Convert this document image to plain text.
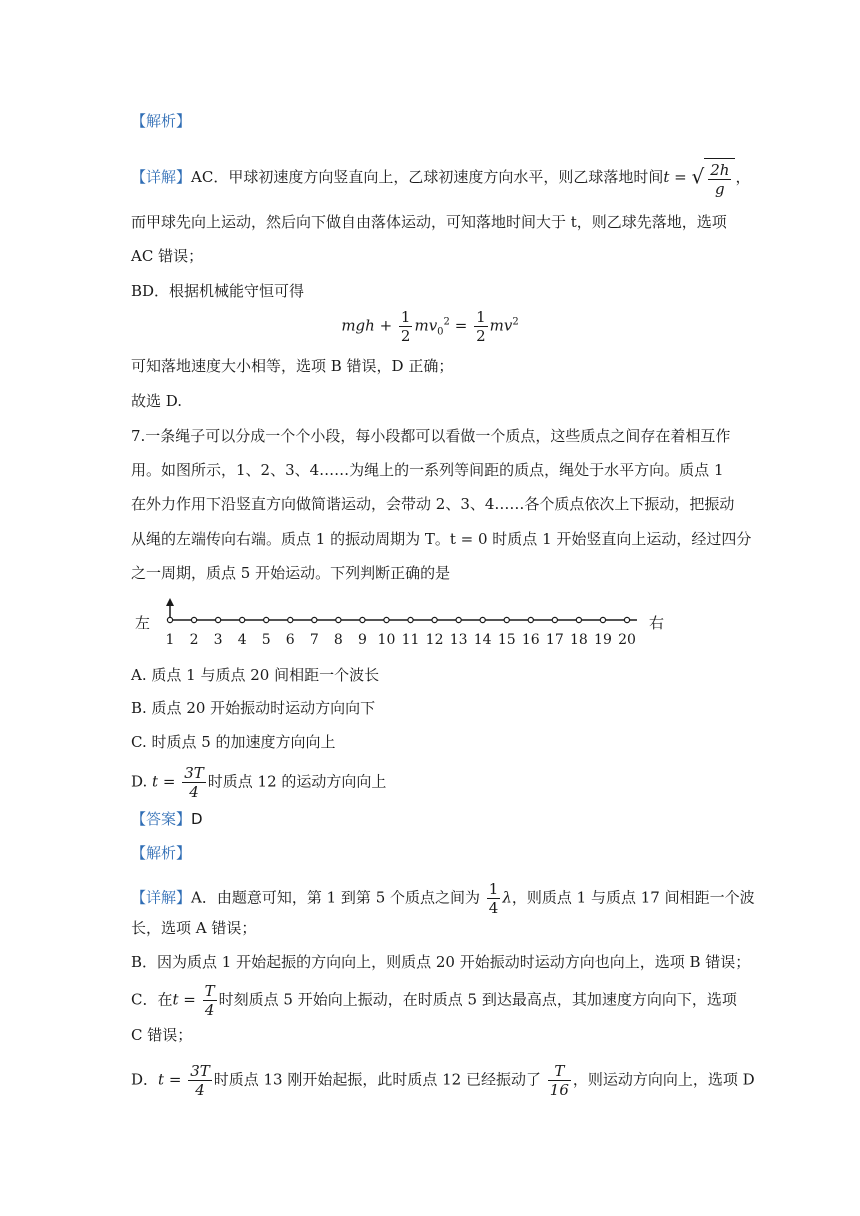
【解析】
【详解】AC．甲球初速度方向竖直向上，乙球初速度方向水平，则乙球落地时间t = √ $\frac{2h}{g}$ ，
而甲球先向上运动，然后向下做自由落体运动，可知落地时间大于 t，则乙球先落地，选项
AC 错误；
BD．根据机械能守恒可得
mgh + $\frac{1}{2} mv_0^2 = \frac{1}{2} mv^2$
可知落地速度大小相等，选项 B 错误，D 正确；
故选 D.
7.一条绳子可以分成一个个小段，每小段都可以看做一个质点，这些质点之间存在着相互作
用。如图所示，1、2、3、4……为绳上的一系列等间距的质点，绳处于水平方向。质点 1
在外力作用下沿竖直方向做简谐运动，会带动 2、3、4……各个质点依次上下振动，把振动
从绳的左端传向右端。质点 1 的振动周期为 T。t = 0 时质点 1 开始竖直向上运动，经过四分
之一周期，质点 5 开始运动。下列判断正确的是
左
1 2 3 4 5 6 7 8 9 10 11 12 13 14 15 16 17 18 19 20
右
A. 质点 1 与质点 20 间相距一个波长
B. 质点 20 开始振动时运动方向向下
C. 时质点 5 的加速度方向向上
D. $t = \frac{3T}{4}$ 时质点 12 的运动方向向上
【答案】D
【解析】
【详解】A．由题意可知，第 1 到第 5 个质点之间为 $\frac{1}{4}$ λ，则质点 1 与质点 17 间相距一个波
长，选项 A 错误；
B．因为质点 1 开始起振的方向向上，则质点 20 开始振动时运动方向也向上，选项 B 错误；
C．在$t = \frac{T}{4}$ 时刻质点 5 开始向上振动，在时质点 5 到达最高点，其加速度方向向下，选项
C 错误；
D．$t = \frac{3T}{4}$ 时质点 13 刚开始起振，此时质点 12 已经振动了 $\frac{T}{16}$ ，则运动方向向上，选项 D
